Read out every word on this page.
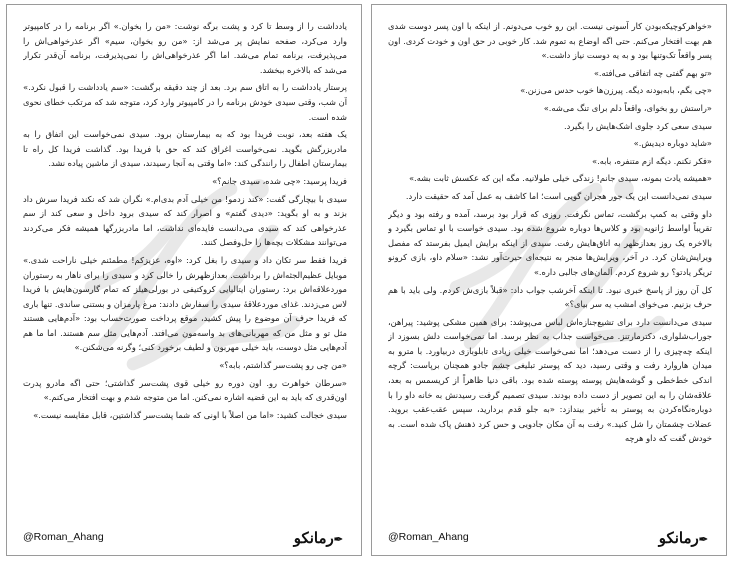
یادداشت را از وسط تا کرد و پشت برگه نوشت: «من را بخوان.» اگر برنامه را در کامپیوتر وارد می‌کرد، صفحه نمایش پر می‌شد از: «من رو بخوان، سیم» اگر عذرخواهی‌اش را می‌پذیرفت، برنامه تمام می‌شد. اما اگر عذرخواهی‌اش را نمی‌پذیرفت، برنامه آن‌قدر تکرار می‌شد که بالاخره ببخشد.

پرستار یادداشت را به اتاق سم برد. بعد از چند دقیقه برگشت: «سم یادداشت را قبول نکرد.» آن شب، وقتی سیدی خودش برنامه را در کامپیوتر وارد کرد، متوجه شد که مرتکب خطای نحوی شده است.

یک هفته بعد، نوبت فریدا بود که به بیمارستان برود. سیدی نمی‌خواست این اتفاق را به مادربزرگش بگوید. نمی‌خواست اغراق کند که حق با فریدا بود. گذاشت فریدا کل راه تا بیمارستان اطفال را رانندگی کند: «اما وقتی به آنجا رسیدند، سیدی از ماشین پیاده نشد.

فریدا پرسید: «چی شده، سیدی جانم؟»

سیدی با بیچارگی گفت: «کند زدمو! من خیلی آدم بدی‌ام.» نگران شد که نکند فریدا سرش داد بزند و به او بگوید: «دیدی گفتم» و اصرار کند که سیدی برود داخل و سعی کند از سم عذرخواهی کند که سیدی می‌دانست فایده‌ای نداشت، اما مادربزرگها همیشه فکر می‌کردند می‌توانند مشکلات بچه‌ها را حل‌وفصل کنند.

فریدا فقط سر تکان داد و سیدی را بغل کرد: «اوه، عزیزکم! مطمئنم خیلی ناراحت شدی.» موبایل عظیم‌الجثه‌اش را برداشت. بعدازظهرش را خالی کرد و سیدی را برای ناهار به رستوران موردعلاقه‌اش برد: رستوران ایتالیایی کروکتیفی در بورلی‌هیلز که تمام گارسون‌هایش با فریدا لاس می‌زدند. غذای موردعلاقهٔ سیدی را سفارش دادند: مرغ پارمزان و بستنی ساندی. تنها باری که فریدا حرف آن موضوع را پیش کشید، موقع پرداخت صورت‌حساب بود: «آدم‌هایی هستند مثل تو و مثل من که مهربانی‌های بد واسه‌مون می‌افتد. آدم‌هایی مثل سم هستند. اما ما هم آدم‌هایی مثل دوست، باید خیلی مهربون و لطیف برخورد کنی؛ وگرنه می‌شکنن.»

«من چی رو پشت‌سر گذاشتم، بابه؟»

«سرطان خواهرت رو. اون دوره رو خیلی قوی پشت‌سر گذاشتی؛ حتی اگه مادرو پدرت اون‌قدری که باید به این قضیه اشاره نمی‌کنن. اما من متوجه شدم و بهت افتخار می‌کنم.»

سیدی خجالت کشید: «اما من اصلاً با اونی که شما پشت‌سر گذاشتین، قابل مقایسه نیست.»

@Roman_Ahang	✒رمانکو

«خواهرکوچیکه‌بودن کار آسونی نیست. این رو خوب می‌دونم. از اینکه با اون پسر دوست شدی هم بهت افتخار می‌کنم. حتی اگه اوضاع به تموم شد. کار خوبی در حق اون و خودت کردی. اون پسر واقعاً تک‌وتنها بود و به یه دوست نیاز داشت.»

«تو بهم گفتی چه اتفاقی می‌افته.»

«چی بگم، بابه‌بودنه دیگه. پیرزن‌ها خوب حدس می‌زنن.»

«راستش رو بخوای، واقعاً دلم برای تنگ می‌شه.»

سیدی سعی کرد جلوی اشک‌هایش را بگیرد.

«شاید دوباره دیدیش.»

«فکر نکنم. دیگه ازم متنفره، بابه.»

«همیشه یادت بمونه، سیدی جانم! زندگی خیلی طولانیه. مگه این که عکسش ثابت بشه.»

سیدی نمی‌دانست این یک جور هجران گویی است؛ اما کاشف به عمل آمد که حقیقت دارد.

داو وقتی به کمپ برگشت، تماس نگرفت. روزی که قرار بود برسد، آمده و رفته بود و دیگر تقریباً اواسط ژانویه بود و کلاس‌ها دوباره شروع شده بود. سیدی خواست با او تماس بگیرد و بالاخره یک روز بعدازظهر به اتاق‌هایش رفت. سیدی از اینکه برایش ایمیل بفرستد که مفصل ویرایش‌شان کرد. در آخر، ویرایش‌ها منجر به نتیجه‌ای حیرت‌آور نشد: «سلام داو، بازی کرونو تریگر یادتو؟ رو شروع کردم. آلمان‌های جالبی داره.»

کل آن روز از پاسخ خبری نبود. تا اینکه آخرشب جواب داد: «قبلاً بازی‌ش کردم. ولی باید با هم حرف بزنیم. می‌خوای امشب یه سر بیای؟»

سیدی می‌دانست دارد برای تشیع‌جنازه‌اش لباس می‌پوشد: برای همین مشکی پوشید: پیراهن، جوراب‌شلواری، دکترمارتنز. می‌خواست جذاب به نظر برسد. اما نمی‌خواست دلش بسوزد از اینکه چه‌چیزی را از دست می‌دهد؛ اما نمی‌خواست خیلی زیادی تابلوبازی دربیاورد. با مترو به میدان هاروارد رفت و وقتی رسید، دید که پوستر تبلیغی چشم جادو همچنان برپاست: گرچه اندکی خط‌خطی و گوشه‌هایش پوسته پوسته شده بود. باقی دنیا ظاهراً از کریسمس به بعد، علاقه‌شان را به این تصویر از دست داده بودند. سیدی تصمیم گرفت رسیدنش به خانه داو را با دوباره‌نگاه‌کردن به پوستر به تأخیر بیندازد: «به جلو قدم بردارید، سپس عقب‌عقب بروید. عضلات چشمتان را شل کنید.» رفت به آن مکان جادویی و حس کرد ذهنش پاک شده است. به خودش گفت که داو هرچه

@Roman_Ahang	✒رمانکو
